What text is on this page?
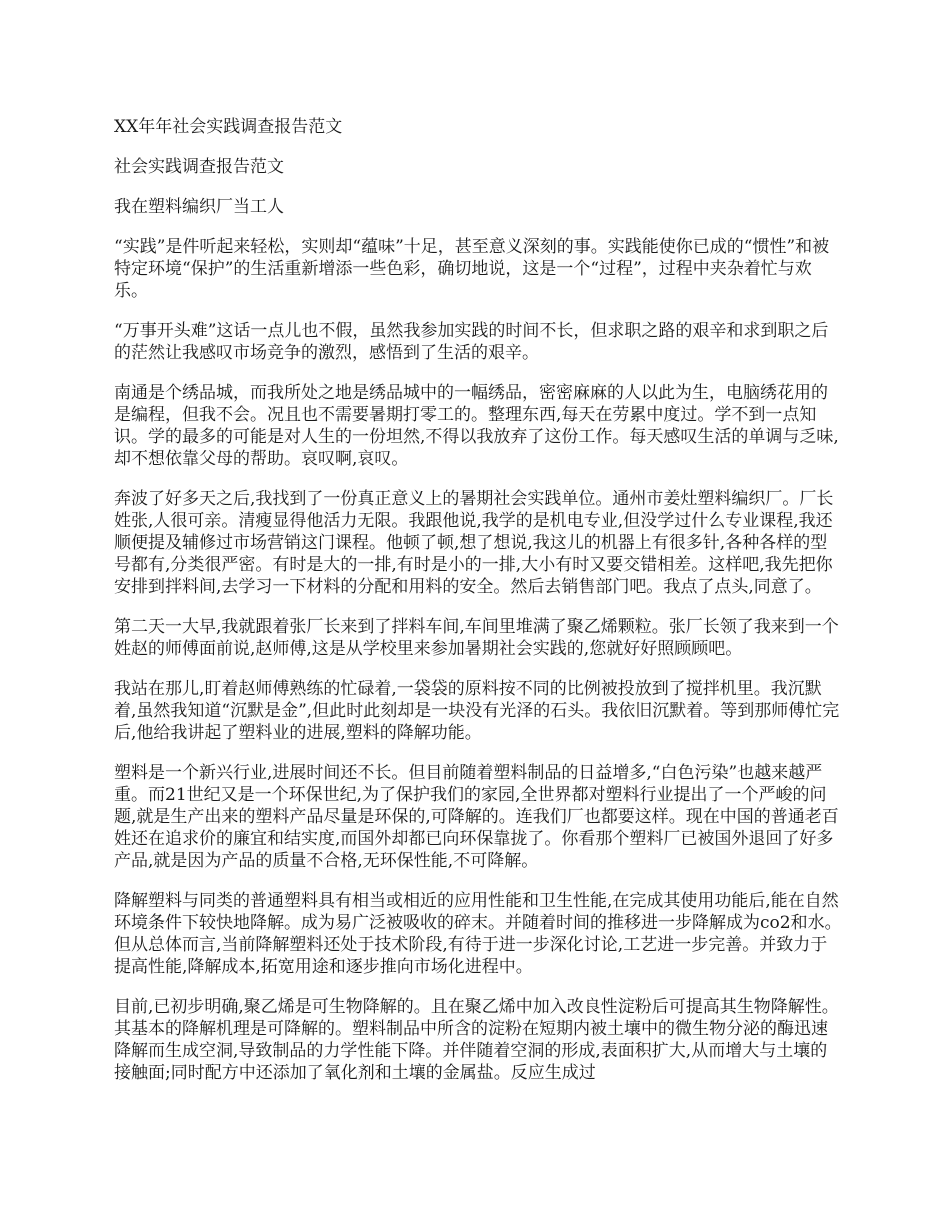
XX年年社会实践调查报告范文

社会实践调查报告范文

我在塑料编织厂当工人

“实践”是件听起来轻松，实则却“蕴味”十足，甚至意义深刻的事。实践能使你已成的“惯性”和被特定环境“保护”的生活重新增添一些色彩，确切地说，这是一个“过程”，过程中夹杂着忙与欢乐。

“万事开头难”这话一点儿也不假，虽然我参加实践的时间不长，但求职之路的艰辛和求到职之后的茫然让我感叹市场竞争的激烈，感悟到了生活的艰辛。

南通是个绣品城，而我所处之地是绣品城中的一幅绣品，密密麻麻的人以此为生，电脑绣花用的是编程，但我不会。况且也不需要暑期打零工的。整理东西,每天在劳累中度过。学不到一点知识。学的最多的可能是对人生的一份坦然,不得以我放弃了这份工作。每天感叹生活的单调与乏味,却不想依靠父母的帮助。哀叹啊,哀叹。

奔波了好多天之后,我找到了一份真正意义上的暑期社会实践单位。通州市姜灶塑料编织厂。厂长姓张,人很可亲。清瘦显得他活力无限。我跟他说,我学的是机电专业,但没学过什么专业课程,我还顺便提及辅修过市场营销这门课程。他顿了顿,想了想说,我这儿的机器上有很多针,各种各样的型号都有,分类很严密。有时是大的一排,有时是小的一排,大小有时又要交错相差。这样吧,我先把你安排到拌料间,去学习一下材料的分配和用料的安全。然后去销售部门吧。我点了点头,同意了。

第二天一大早,我就跟着张厂长来到了拌料车间,车间里堆满了聚乙烯颗粒。张厂长领了我来到一个姓赵的师傅面前说,赵师傅,这是从学校里来参加暑期社会实践的,您就好好照顾顾吧。

我站在那儿,盯着赵师傅熟练的忙碌着,一袋袋的原料按不同的比例被投放到了搅拌机里。我沉默着,虽然我知道“沉默是金”,但此时此刻却是一块没有光泽的石头。我依旧沉默着。等到那师傅忙完后,他给我讲起了塑料业的进展,塑料的降解功能。

塑料是一个新兴行业,进展时间还不长。但目前随着塑料制品的日益增多,“白色污染”也越来越严重。而21世纪又是一个环保世纪,为了保护我们的家园,全世界都对塑料行业提出了一个严峻的问题,就是生产出来的塑料产品尽量是环保的,可降解的。连我们厂也都要这样。现在中国的普通老百姓还在追求价的廉宜和结实度,而国外却都已向环保靠拢了。你看那个塑料厂已被国外退回了好多产品,就是因为产品的质量不合格,无环保性能,不可降解。

降解塑料与同类的普通塑料具有相当或相近的应用性能和卫生性能,在完成其使用功能后,能在自然环境条件下较快地降解。成为易广泛被吸收的碎末。并随着时间的推移进一步降解成为co2和水。但从总体而言,当前降解塑料还处于技术阶段,有待于进一步深化讨论,工艺进一步完善。并致力于提高性能,降解成本,拓宽用途和逐步推向市场化进程中。

目前,已初步明确,聚乙烯是可生物降解的。且在聚乙烯中加入改良性淀粉后可提高其生物降解性。其基本的降解机理是可降解的。塑料制品中所含的淀粉在短期内被土壤中的微生物分泌的酶迅速降解而生成空洞,导致制品的力学性能下降。并伴随着空洞的形成,表面积扩大,从而增大与土壤的接触面;同时配方中还添加了氧化剂和土壤的金属盐。反应生成过
